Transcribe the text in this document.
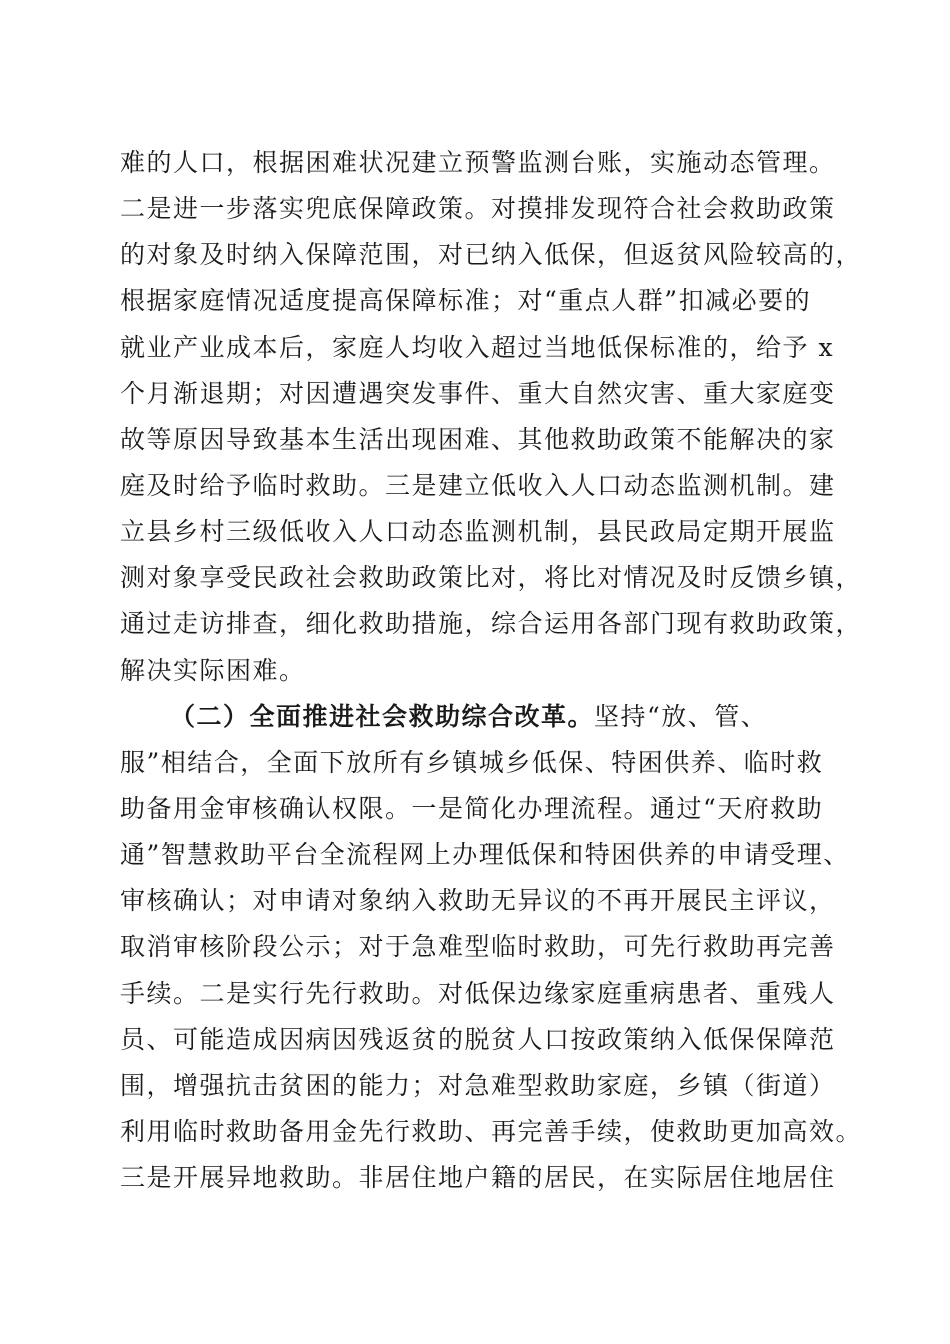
难的人口，根据困难状况建立预警监测台账，实施动态管理。
二是进一步落实兜底保障政策。对摸排发现符合社会救助政策
的对象及时纳入保障范围，对已纳入低保，但返贫风险较高的，
根据家庭情况适度提高保障标准；对“重点人群”扣减必要的
就业产业成本后，家庭人均收入超过当地低保标准的，给予 x
个月渐退期；对因遭遇突发事件、重大自然灾害、重大家庭变
故等原因导致基本生活出现困难、其他救助政策不能解决的家
庭及时给予临时救助。三是建立低收入人口动态监测机制。建
立县乡村三级低收入人口动态监测机制，县民政局定期开展监
测对象享受民政社会救助政策比对，将比对情况及时反馈乡镇，
通过走访排查，细化救助措施，综合运用各部门现有救助政策，
解决实际困难。
（二）全面推进社会救助综合改革。坚持“放、管、
服”相结合，全面下放所有乡镇城乡低保、特困供养、临时救
助备用金审核确认权限。一是简化办理流程。通过“天府救助
通”智慧救助平台全流程网上办理低保和特困供养的申请受理、
审核确认；对申请对象纳入救助无异议的不再开展民主评议，
取消审核阶段公示；对于急难型临时救助，可先行救助再完善
手续。二是实行先行救助。对低保边缘家庭重病患者、重残人
员、可能造成因病因残返贫的脱贫人口按政策纳入低保保障范
围，增强抗击贫困的能力；对急难型救助家庭，乡镇（街道）
利用临时救助备用金先行救助、再完善手续，使救助更加高效。
三是开展异地救助。非居住地户籍的居民，在实际居住地居住
